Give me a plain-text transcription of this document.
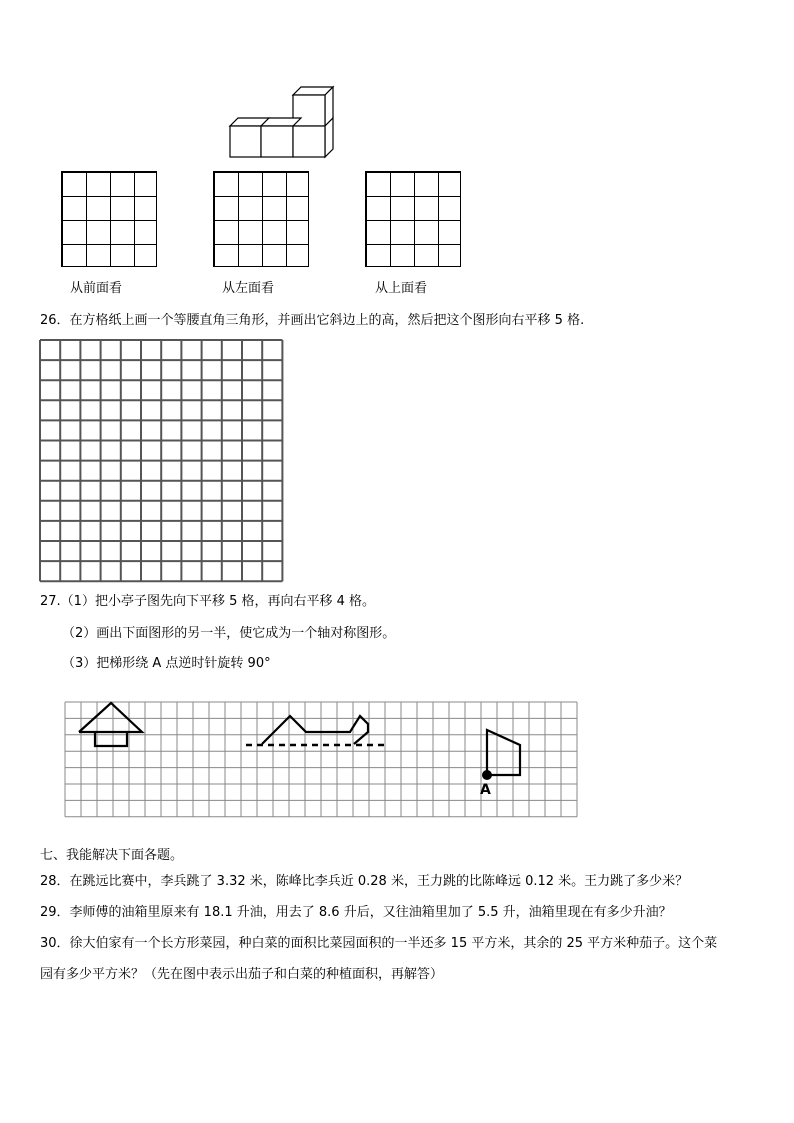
从前面看	从左面看	从上面看
26．在方格纸上画一个等腰直角三角形，并画出它斜边上的高，然后把这个图形向右平移 5 格.
27.（1）把小亭子图先向下平移 5 格，再向右平移 4 格。
（2）画出下面图形的另一半，使它成为一个轴对称图形。
（3）把梯形绕 A 点逆时针旋转 90°
A
七、我能解决下面各题。
28．在跳远比赛中，李兵跳了 3.32 米，陈峰比李兵近 0.28 米，王力跳的比陈峰远 0.12 米。王力跳了多少米？
29．李师傅的油箱里原来有 18.1 升油，用去了 8.6 升后，又往油箱里加了 5.5 升，油箱里现在有多少升油？
30．徐大伯家有一个长方形菜园，种白菜的面积比菜园面积的一半还多 15 平方米，其余的 25 平方米种茄子。这个菜
园有多少平方米？（先在图中表示出茄子和白菜的种植面积，再解答）
